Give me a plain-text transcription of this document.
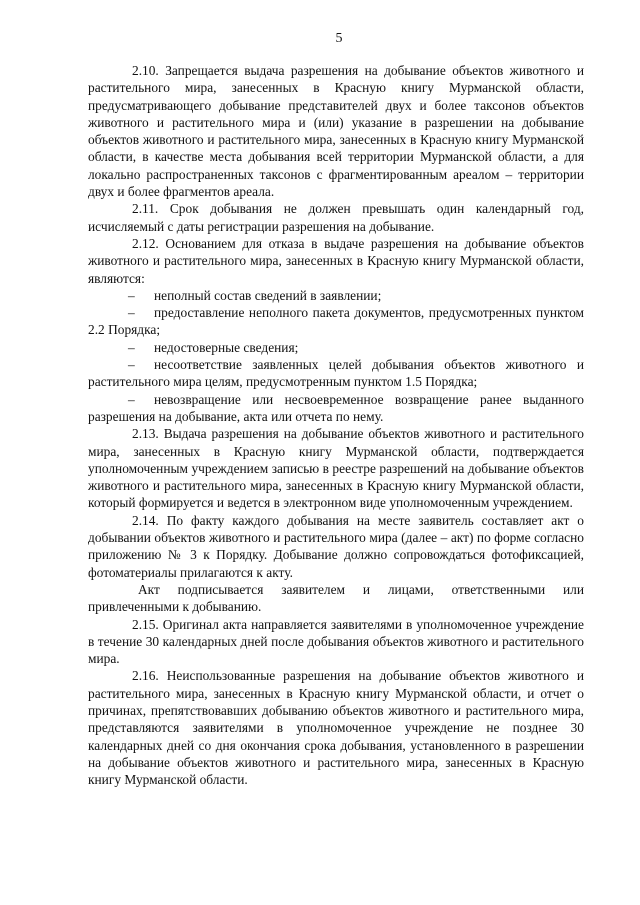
5

2.10. Запрещается выдача разрешения на добывание объектов животного и растительного мира, занесенных в Красную книгу Мурманской области, предусматривающего добывание представителей двух и более таксонов объектов животного и растительного мира и (или) указание в разрешении на добывание объектов животного и растительного мира, занесенных в Красную книгу Мурманской области, в качестве места добывания всей территории Мурманской области, а для локально распространенных таксонов с фрагментированным ареалом – территории двух и более фрагментов ареала.

2.11. Срок добывания не должен превышать один календарный год, исчисляемый с даты регистрации разрешения на добывание.

2.12. Основанием для отказа в выдаче разрешения на добывание объектов животного и растительного мира, занесенных в Красную книгу Мурманской области, являются:

– неполный состав сведений в заявлении;

– предоставление неполного пакета документов, предусмотренных пунктом 2.2 Порядка;

– недостоверные сведения;

– несоответствие заявленных целей добывания объектов животного и растительного мира целям, предусмотренным пунктом 1.5 Порядка;

– невозвращение или несвоевременное возвращение ранее выданного разрешения на добывание, акта или отчета по нему.

2.13. Выдача разрешения на добывание объектов животного и растительного мира, занесенных в Красную книгу Мурманской области, подтверждается уполномоченным учреждением записью в реестре разрешений на добывание объектов животного и растительного мира, занесенных в Красную книгу Мурманской области, который формируется и ведется в электронном виде уполномоченным учреждением.

2.14. По факту каждого добывания на месте заявитель составляет акт о добывании объектов животного и растительного мира (далее – акт) по форме согласно приложению № 3 к Порядку. Добывание должно сопровождаться фотофиксацией, фотоматериалы прилагаются к акту.

Акт подписывается заявителем и лицами, ответственными или привлеченными к добыванию.

2.15. Оригинал акта направляется заявителями в уполномоченное учреждение в течение 30 календарных дней после добывания объектов животного и растительного мира.

2.16. Неиспользованные разрешения на добывание объектов животного и растительного мира, занесенных в Красную книгу Мурманской области, и отчет о причинах, препятствовавших добыванию объектов животного и растительного мира, представляются заявителями в уполномоченное учреждение не позднее 30 календарных дней со дня окончания срока добывания, установленного в разрешении на добывание объектов животного и растительного мира, занесенных в Красную книгу Мурманской области.
